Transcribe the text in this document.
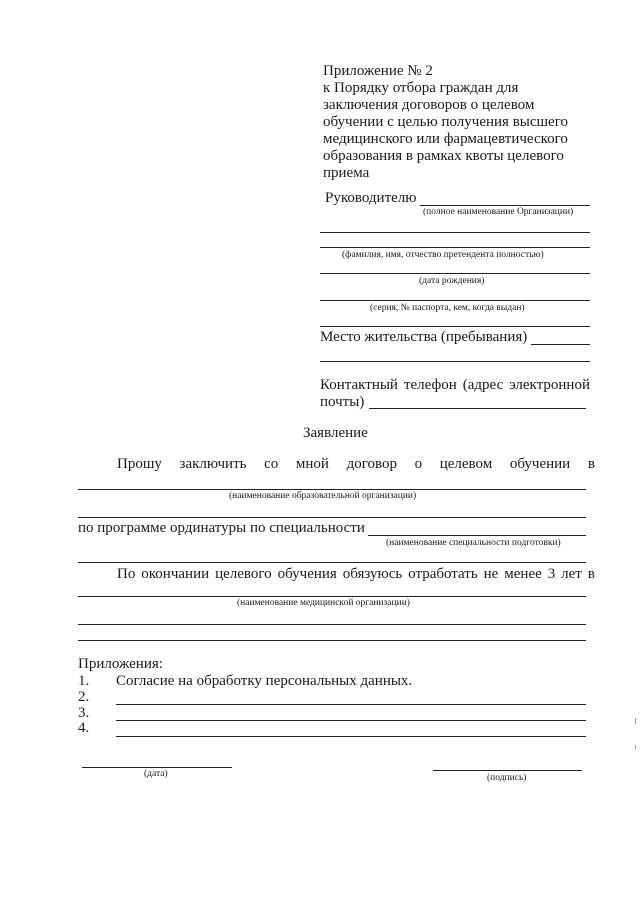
Приложение № 2
к Порядку отбора граждан для
заключения договоров о целевом
обучении с целью получения высшего
медицинского или фармацевтического
образования в рамках квоты целевого
приема
Руководителю
(полное наименование Организации)
(фамилия, имя, отчество претендента полностью)
(дата рождения)
(серия, № паспорта, кем, когда выдан)
Место жительства (пребывания)
Контактный телефон (адрес электронной
почты)
Заявление
Прошу заключить со мной договор о целевом обучении в
(наименование образовательной организации)
по программе ординатуры по специальности
(наименование специальности подготовки)
По окончании целевого обучения обязуюсь отработать не менее 3 лет в
(наименование медицинской организации)
Приложения:
1. Согласие на обработку персональных данных.
2.
3.
4.
(дата)	(подпись)
